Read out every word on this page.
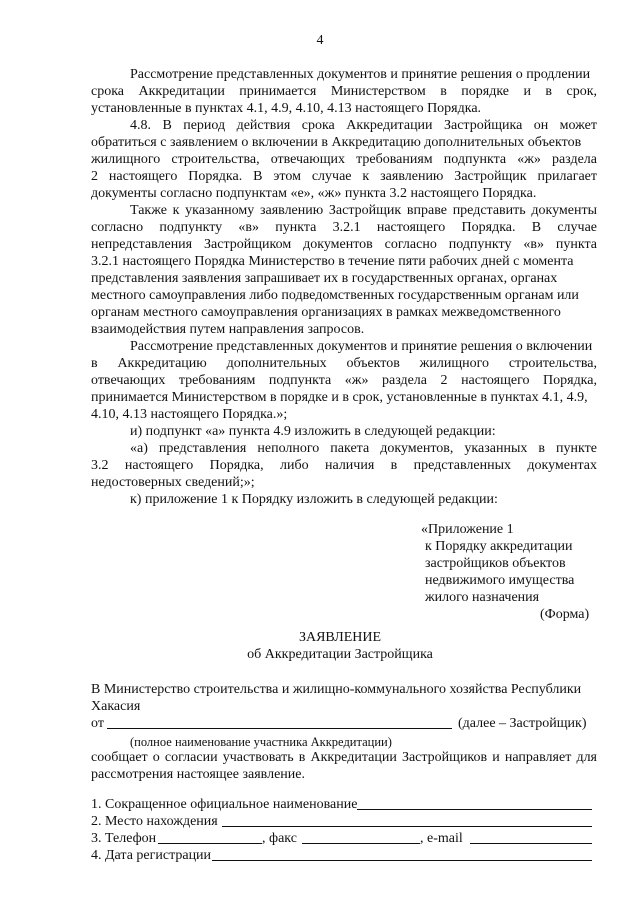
4
Рассмотрение представленных документов и принятие решения о продлении
срока Аккредитации принимается Министерством в порядке и в срок,
установленные в пунктах 4.1, 4.9, 4.10, 4.13 настоящего Порядка.
4.8. В период действия срока Аккредитации Застройщика он может
обратиться с заявлением о включении в Аккредитацию дополнительных объектов
жилищного строительства, отвечающих требованиям подпункта «ж» раздела
2 настоящего Порядка. В этом случае к заявлению Застройщик прилагает
документы согласно подпунктам «е», «ж» пункта 3.2 настоящего Порядка.
Также к указанному заявлению Застройщик вправе представить документы
согласно подпункту «в» пункта 3.2.1 настоящего Порядка. В случае
непредставления Застройщиком документов согласно подпункту «в» пункта
3.2.1 настоящего Порядка Министерство в течение пяти рабочих дней с момента
представления заявления запрашивает их в государственных органах, органах
местного самоуправления либо подведомственных государственным органам или
органам местного самоуправления организациях в рамках межведомственного
взаимодействия путем направления запросов.
Рассмотрение представленных документов и принятие решения о включении
в Аккредитацию дополнительных объектов жилищного строительства,
отвечающих требованиям подпункта «ж» раздела 2 настоящего Порядка,
принимается Министерством в порядке и в срок, установленные в пунктах 4.1, 4.9,
4.10, 4.13 настоящего Порядка.»;
и) подпункт «а» пункта 4.9 изложить в следующей редакции:
«а) представления неполного пакета документов, указанных в пункте
3.2 настоящего Порядка, либо наличия в представленных документах
недостоверных сведений;»;
к) приложение 1 к Порядку изложить в следующей редакции:
«Приложение 1
к Порядку аккредитации
застройщиков объектов
недвижимого имущества
жилого назначения
(Форма)
ЗАЯВЛЕНИЕ
об Аккредитации Застройщика
В Министерство строительства и жилищно-коммунального хозяйства Республики
Хакасия
от	(далее – Застройщик)
(полное наименование участника Аккредитации)
сообщает о согласии участвовать в Аккредитации Застройщиков и направляет для
рассмотрения настоящее заявление.
1. Сокращенное официальное наименование
2. Место нахождения
3. Телефон	, факс	, e-mail
4. Дата регистрации
